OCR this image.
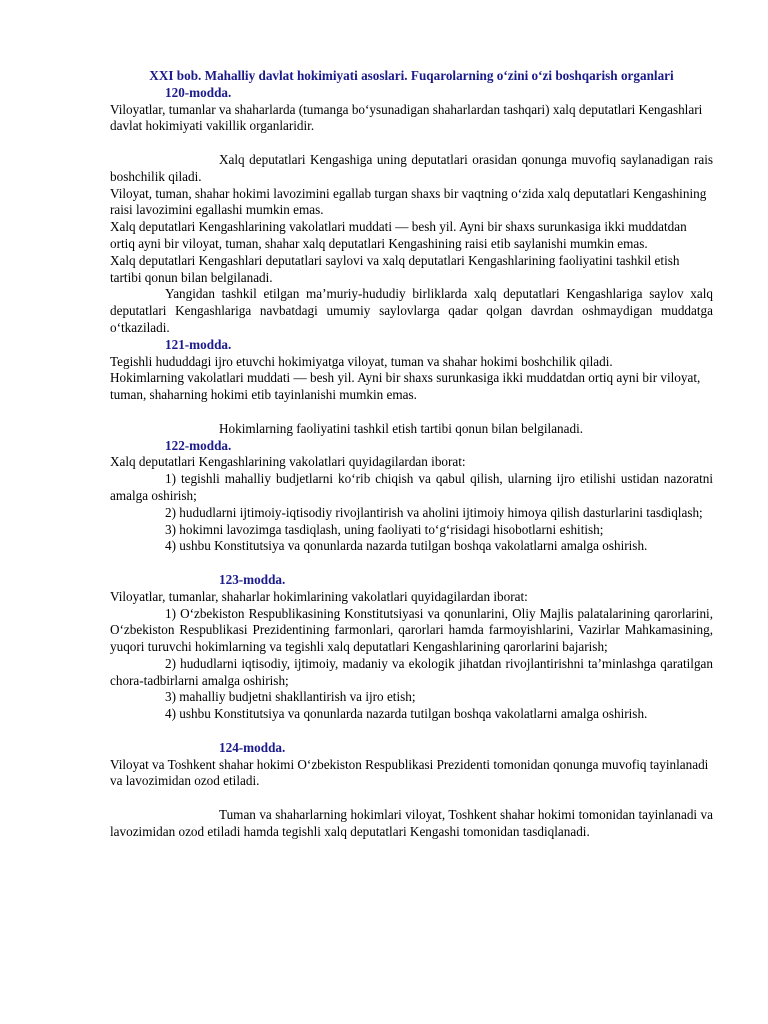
XXI bob. Mahalliy davlat hokimiyati asoslari. Fuqarolarning o‘zini o‘zi boshqarish organlari

120-modda.

Viloyatlar, tumanlar va shaharlarda (tumanga bo‘ysunadigan shaharlardan tashqari) xalq deputatlari Kengashlari davlat hokimiyati vakillik organlaridir.

Xalq deputatlari Kengashiga uning deputatlari orasidan qonunga muvofiq saylanadigan rais boshchilik qiladi.

Viloyat, tuman, shahar hokimi lavozimini egallab turgan shaxs bir vaqtning o‘zida xalq deputatlari Kengashining raisi lavozimini egallashi mumkin emas.

Xalq deputatlari Kengashlarining vakolatlari muddati — besh yil. Ayni bir shaxs surunkasiga ikki muddatdan ortiq ayni bir viloyat, tuman, shahar xalq deputatlari Kengashining raisi etib saylanishi mumkin emas.

Xalq deputatlari Kengashlari deputatlari saylovi va xalq deputatlari Kengashlarining faoliyatini tashkil etish tartibi qonun bilan belgilanadi.

Yangidan tashkil etilgan ma’muriy-hududiy birliklarda xalq deputatlari Kengashlariga saylov xalq deputatlari Kengashlariga navbatdagi umumiy saylovlarga qadar qolgan davrdan oshmaydigan muddatga o‘tkaziladi.

121-modda.

Tegishli hududdagi ijro etuvchi hokimiyatga viloyat, tuman va shahar hokimi boshchilik qiladi.

Hokimlarning vakolatlari muddati — besh yil. Ayni bir shaxs surunkasiga ikki muddatdan ortiq ayni bir viloyat, tuman, shaharning hokimi etib tayinlanishi mumkin emas.

Hokimlarning faoliyatini tashkil etish tartibi qonun bilan belgilanadi.

122-modda.

Xalq deputatlari Kengashlarining vakolatlari quyidagilardan iborat:

1) tegishli mahalliy budjetlarni ko‘rib chiqish va qabul qilish, ularning ijro etilishi ustidan nazoratni amalga oshirish;

2) hududlarni ijtimoiy-iqtisodiy rivojlantirish va aholini ijtimoiy himoya qilish dasturlarini tasdiqlash;

3) hokimni lavozimga tasdiqlash, uning faoliyati to‘g‘risidagi hisobotlarni eshitish;

4) ushbu Konstitutsiya va qonunlarda nazarda tutilgan boshqa vakolatlarni amalga oshirish.

123-modda.

Viloyatlar, tumanlar, shaharlar hokimlarining vakolatlari quyidagilardan iborat:

1) O‘zbekiston Respublikasining Konstitutsiyasi va qonunlarini, Oliy Majlis palatalarining qarorlarini, O‘zbekiston Respublikasi Prezidentining farmonlari, qarorlari hamda farmoyishlarini, Vazirlar Mahkamasining, yuqori turuvchi hokimlarning va tegishli xalq deputatlari Kengashlarining qarorlarini bajarish;

2) hududlarni iqtisodiy, ijtimoiy, madaniy va ekologik jihatdan rivojlantirishni ta’minlashga qaratilgan chora-tadbirlarni amalga oshirish;

3) mahalliy budjetni shakllantirish va ijro etish;

4) ushbu Konstitutsiya va qonunlarda nazarda tutilgan boshqa vakolatlarni amalga oshirish.

124-modda.

Viloyat va Toshkent shahar hokimi O‘zbekiston Respublikasi Prezidenti tomonidan qonunga muvofiq tayinlanadi va lavozimidan ozod etiladi.

Tuman va shaharlarning hokimlari viloyat, Toshkent shahar hokimi tomonidan tayinlanadi va lavozimidan ozod etiladi hamda tegishli xalq deputatlari Kengashi tomonidan tasdiqlanadi.
